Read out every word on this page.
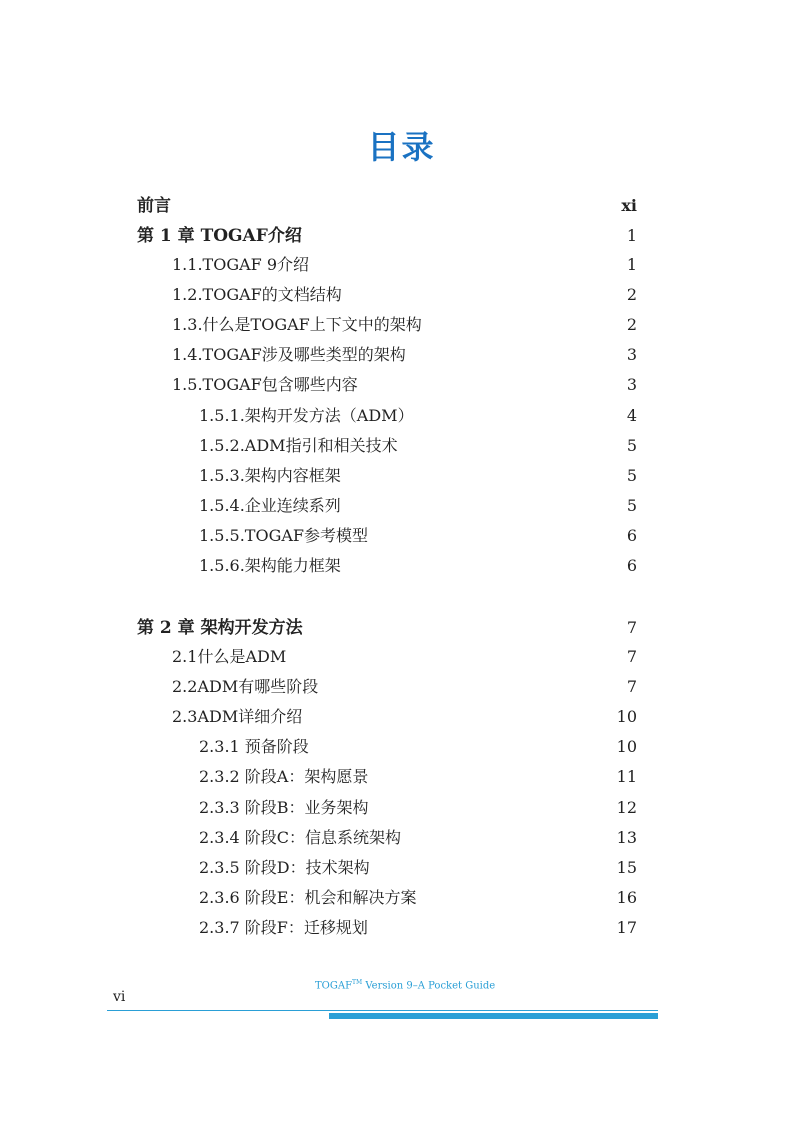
目录
前言	xi
第 1 章 TOGAF介绍	1
1.1.TOGAF 9介绍	1
1.2.TOGAF的文档结构	2
1.3.什么是TOGAF上下文中的架构	2
1.4.TOGAF涉及哪些类型的架构	3
1.5.TOGAF包含哪些内容	3
1.5.1.架构开发方法（ADM）	4
1.5.2.ADM指引和相关技术	5
1.5.3.架构内容框架	5
1.5.4.企业连续系列	5
1.5.5.TOGAF参考模型	6
1.5.6.架构能力框架	6
第 2 章 架构开发方法	7
2.1什么是ADM	7
2.2ADM有哪些阶段	7
2.3ADM详细介绍	10
2.3.1 预备阶段	10
2.3.2 阶段A：架构愿景	11
2.3.3 阶段B：业务架构	12
2.3.4 阶段C：信息系统架构	13
2.3.5 阶段D：技术架构	15
2.3.6 阶段E：机会和解决方案	16
2.3.7 阶段F：迁移规划	17
TOGAF™ Version 9–A Pocket Guide
vi
